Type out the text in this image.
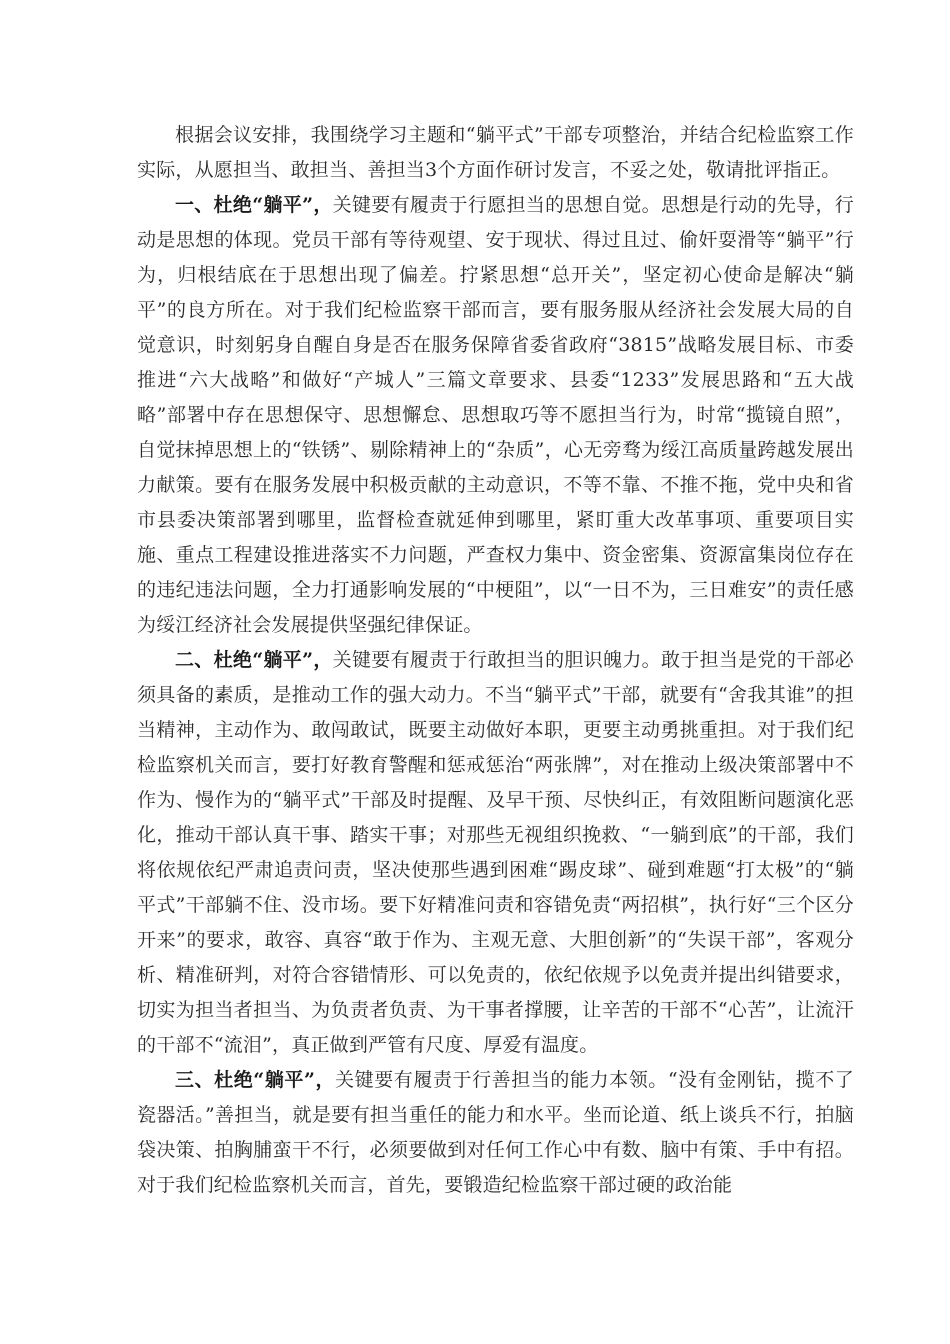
根据会议安排，我围绕学习主题和“躺平式”干部专项整治，并结合纪检监察工作实际，从愿担当、敢担当、善担当3个方面作研讨发言，不妥之处，敬请批评指正。

一、杜绝“躺平”，关键要有履责于行愿担当的思想自觉。思想是行动的先导，行动是思想的体现。党员干部有等待观望、安于现状、得过且过、偷奸耍滑等“躺平”行为，归根结底在于思想出现了偏差。拧紧思想“总开关”，坚定初心使命是解决“躺平”的良方所在。对于我们纪检监察干部而言，要有服务服从经济社会发展大局的自觉意识，时刻躬身自醒自身是否在服务保障省委省政府“3815”战略发展目标、市委推进“六大战略”和做好“产城人”三篇文章要求、县委“1233”发展思路和“五大战略”部署中存在思想保守、思想懈怠、思想取巧等不愿担当行为，时常“揽镜自照”，自觉抹掉思想上的“铁锈”、剔除精神上的“杂质”，心无旁骛为绥江高质量跨越发展出力献策。要有在服务发展中积极贡献的主动意识，不等不靠、不推不拖，党中央和省市县委决策部署到哪里，监督检查就延伸到哪里，紧盯重大改革事项、重要项目实施、重点工程建设推进落实不力问题，严查权力集中、资金密集、资源富集岗位存在的违纪违法问题，全力打通影响发展的“中梗阻”，以“一日不为，三日难安”的责任感为绥江经济社会发展提供坚强纪律保证。

二、杜绝“躺平”，关键要有履责于行敢担当的胆识魄力。敢于担当是党的干部必须具备的素质，是推动工作的强大动力。不当“躺平式”干部，就要有“舍我其谁”的担当精神，主动作为、敢闯敢试，既要主动做好本职，更要主动勇挑重担。对于我们纪检监察机关而言，要打好教育警醒和惩戒惩治“两张牌”，对在推动上级决策部署中不作为、慢作为的“躺平式”干部及时提醒、及早干预、尽快纠正，有效阻断问题演化恶化，推动干部认真干事、踏实干事；对那些无视组织挽救、“一躺到底”的干部，我们将依规依纪严肃追责问责，坚决使那些遇到困难“踢皮球”、碰到难题“打太极”的“躺平式”干部躺不住、没市场。要下好精准问责和容错免责“两招棋”，执行好“三个区分开来”的要求，敢容、真容“敢于作为、主观无意、大胆创新”的“失误干部”，客观分析、精准研判，对符合容错情形、可以免责的，依纪依规予以免责并提出纠错要求，切实为担当者担当、为负责者负责、为干事者撑腰，让辛苦的干部不“心苦”，让流汗的干部不“流泪”，真正做到严管有尺度、厚爱有温度。

三、杜绝“躺平”，关键要有履责于行善担当的能力本领。“没有金刚钻，揽不了瓷器活。”善担当，就是要有担当重任的能力和水平。坐而论道、纸上谈兵不行，拍脑袋决策、拍胸脯蛮干不行，必须要做到对任何工作心中有数、脑中有策、手中有招。对于我们纪检监察机关而言，首先，要锻造纪检监察干部过硬的政治能
